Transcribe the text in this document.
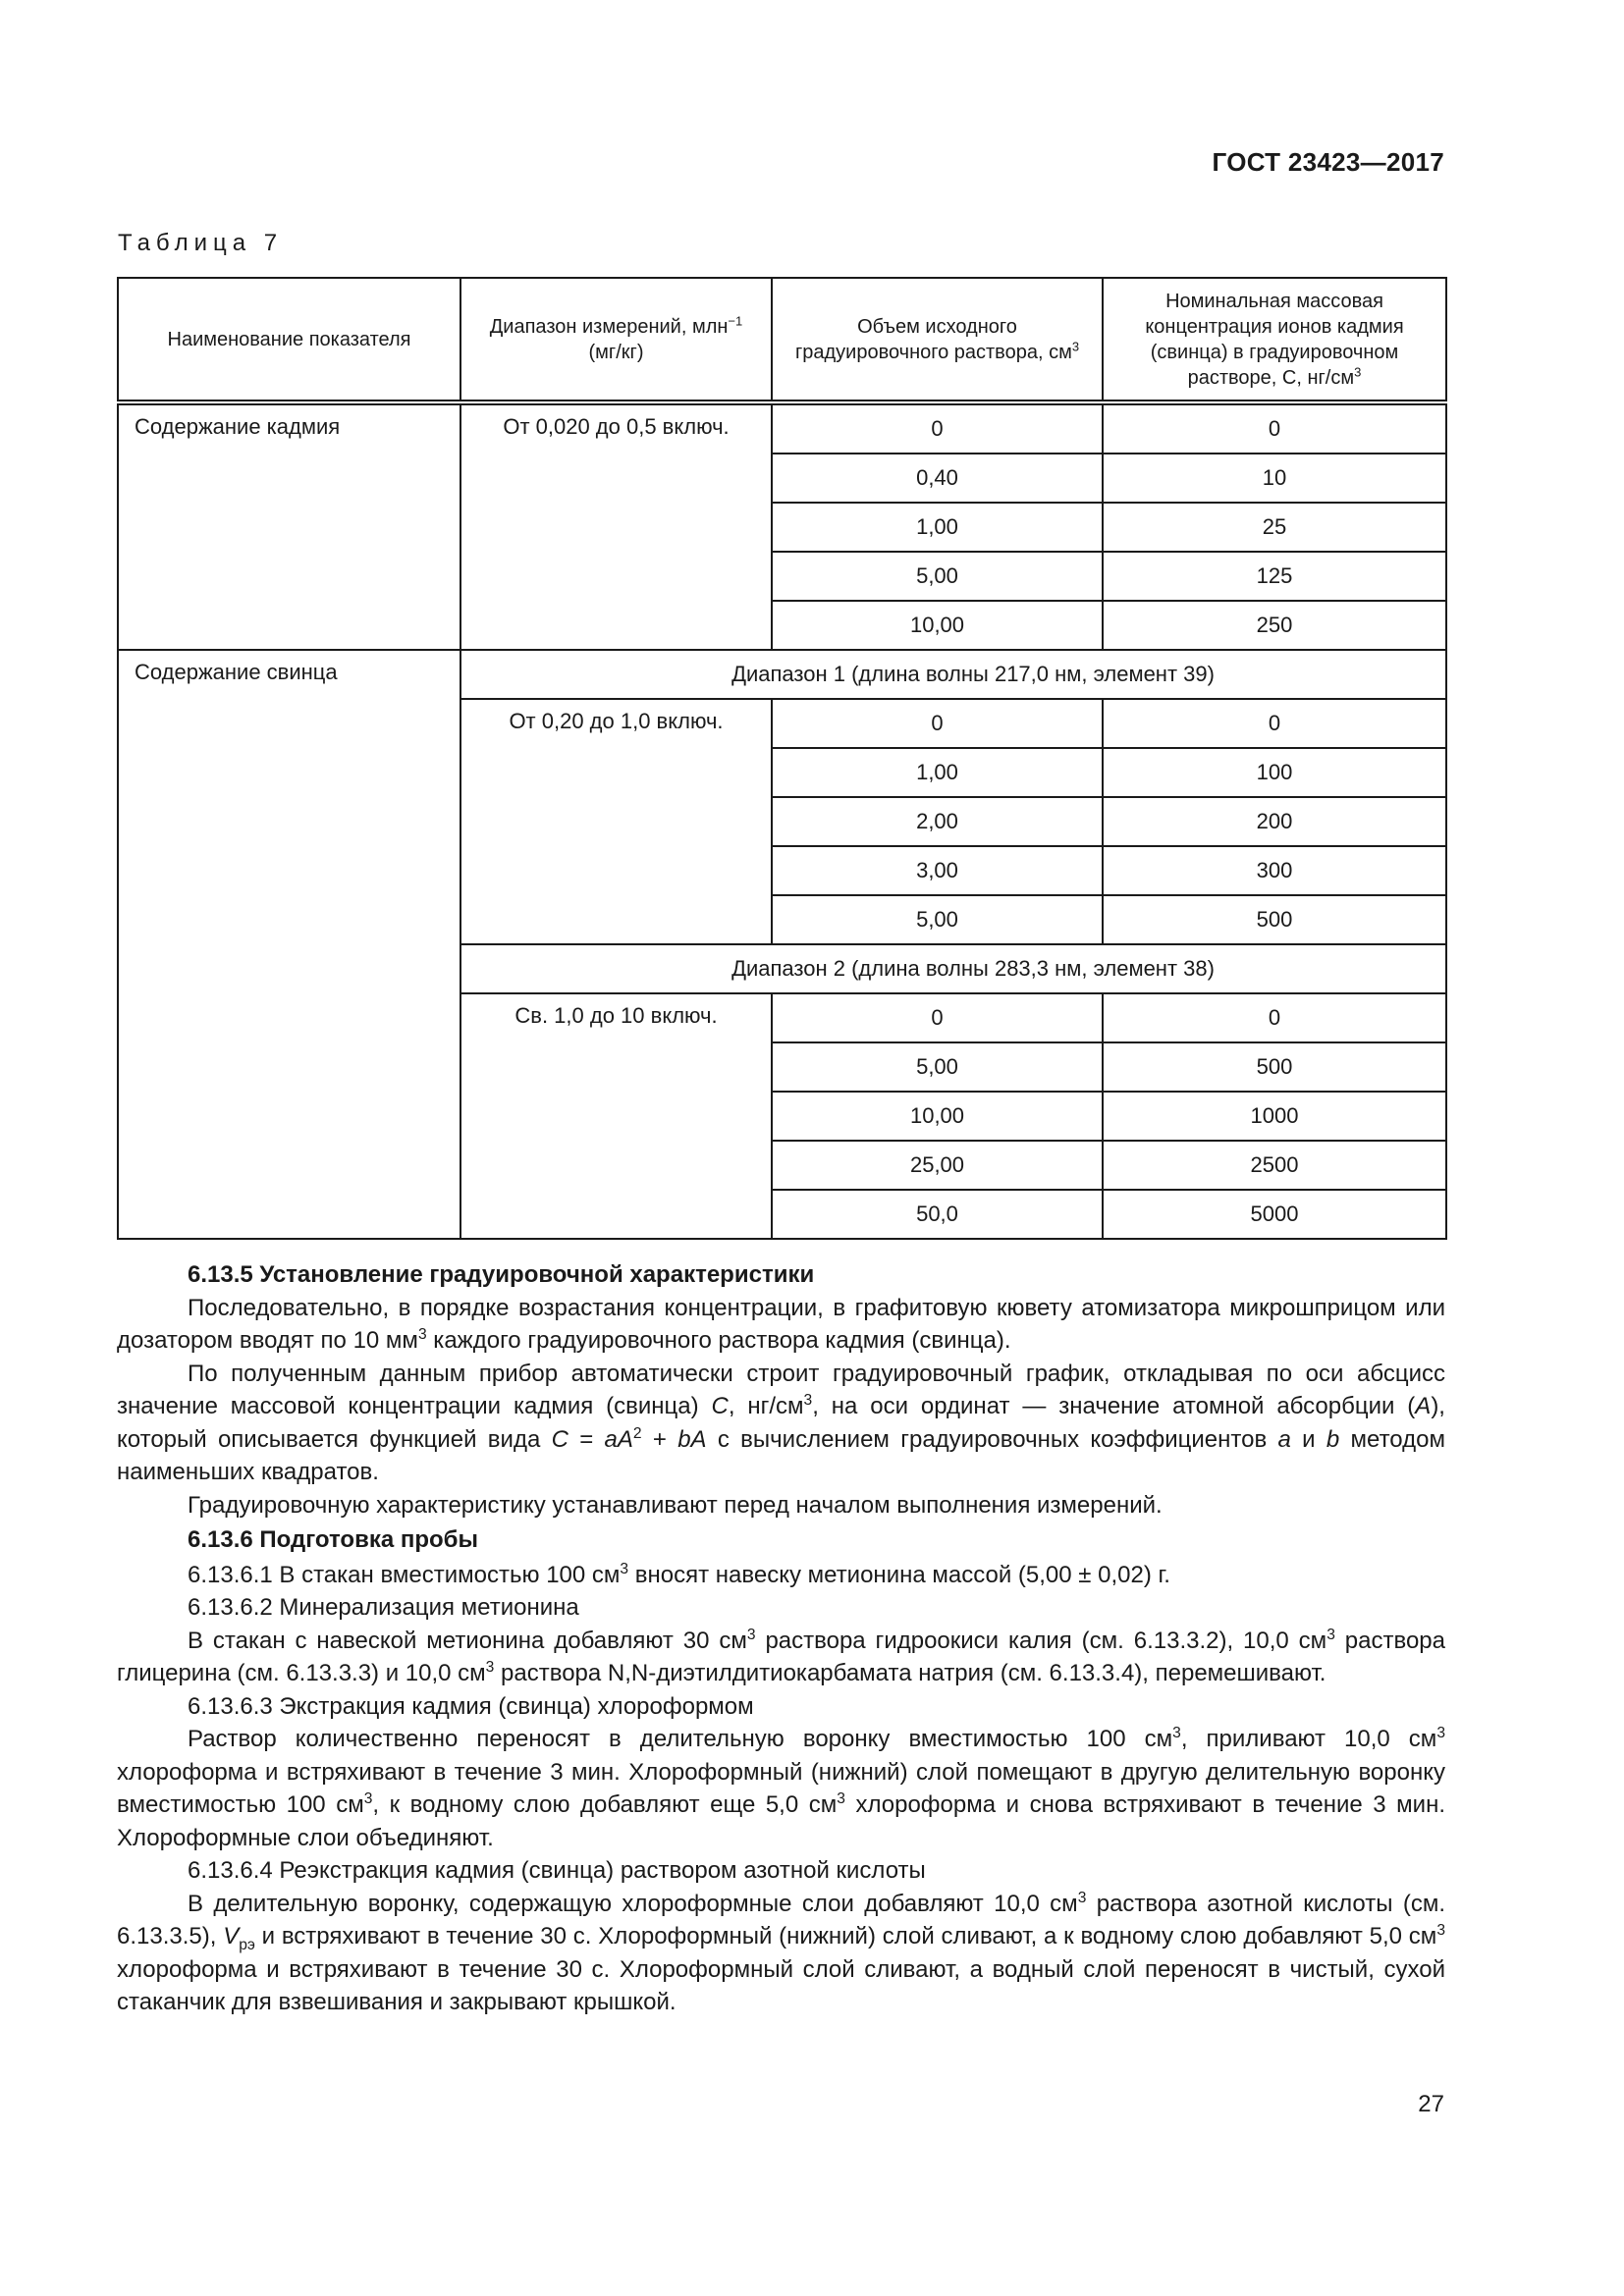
ГОСТ 23423—2017
Таблица 7
Наименование показателя	Диапазон измерений, млн$^{-1}$ (мг/кг)	Объем исходного градуировочного раствора, $см^3$	Номинальная массовая концентрация ионов кадмия (свинца) в градуировочном растворе, C, $нг/см^3$
Содержание кадмия	От 0,020 до 0,5 включ.	0	0
		0,40	10
		1,00	25
		5,00	125
		10,00	250
Содержание свинца	Диапазон 1 (длина волны 217,0 нм, элемент 39)		
	От 0,20 до 1,0 включ.	0	0
		1,00	100
		2,00	200
		3,00	300
		5,00	500
	Диапазон 2 (длина волны 283,3 нм, элемент 38)		
	Св. 1,0 до 10 включ.	0	0
		5,00	500
		10,00	1000
		25,00	2500
		50,0	5000

6.13.5 Установление градуировочной характеристики

Последовательно, в порядке возрастания концентрации, в графитовую кювету атомизатора микрошприцом или дозатором вводят по 10 $мм^3$ каждого градуировочного раствора кадмия (свинца).

По полученным данным прибор автоматически строит градуировочный график, откладывая по оси абсцисс значение массовой концентрации кадмия (свинца) C, $нг/см^3$, на оси ординат — значение атомной абсорбции (A), который описывается функцией вида $C = aA^2$ + bA с вычислением градуировочных коэффициентов a и b методом наименьших квадратов.

Градуировочную характеристику устанавливают перед началом выполнения измерений.

6.13.6 Подготовка пробы

6.13.6.1 В стакан вместимостью 100 $см^3$ вносят навеску метионина массой (5,00 ± 0,02) г.

6.13.6.2 Минерализация метионина

В стакан с навеской метионина добавляют 30 $см^3$ раствора гидроокиси калия (см. 6.13.3.2), 10,0 $см^3$ раствора глицерина (см. 6.13.3.3) и 10,0 $см^3$ раствора N,N-диэтилдитиокарбамата натрия (см. 6.13.3.4), перемешивают.

6.13.6.3 Экстракция кадмия (свинца) хлороформом

Раствор количественно переносят в делительную воронку вместимостью 100 $см^3$, приливают 10,0 $см^3$ хлороформа и встряхивают в течение 3 мин. Хлороформный (нижний) слой помещают в другую делительную воронку вместимостью 100 $см^3$, к водному слою добавляют еще 5,0 $см^3$ хлороформа и снова встряхивают в течение 3 мин. Хлороформные слои объединяют.

6.13.6.4 Реэкстракция кадмия (свинца) раствором азотной кислоты

В делительную воронку, содержащую хлороформные слои добавляют 10,0 $см^3$ раствора азотной кислоты (см. 6.13.3.5), $V_{рэ}$ и встряхивают в течение 30 с. Хлороформный (нижний) слой сливают, а к водному слою добавляют 5,0 $см^3$ хлороформа и встряхивают в течение 30 с. Хлороформный слой сливают, а водный слой переносят в чистый, сухой стаканчик для взвешивания и закрывают крышкой.

27
